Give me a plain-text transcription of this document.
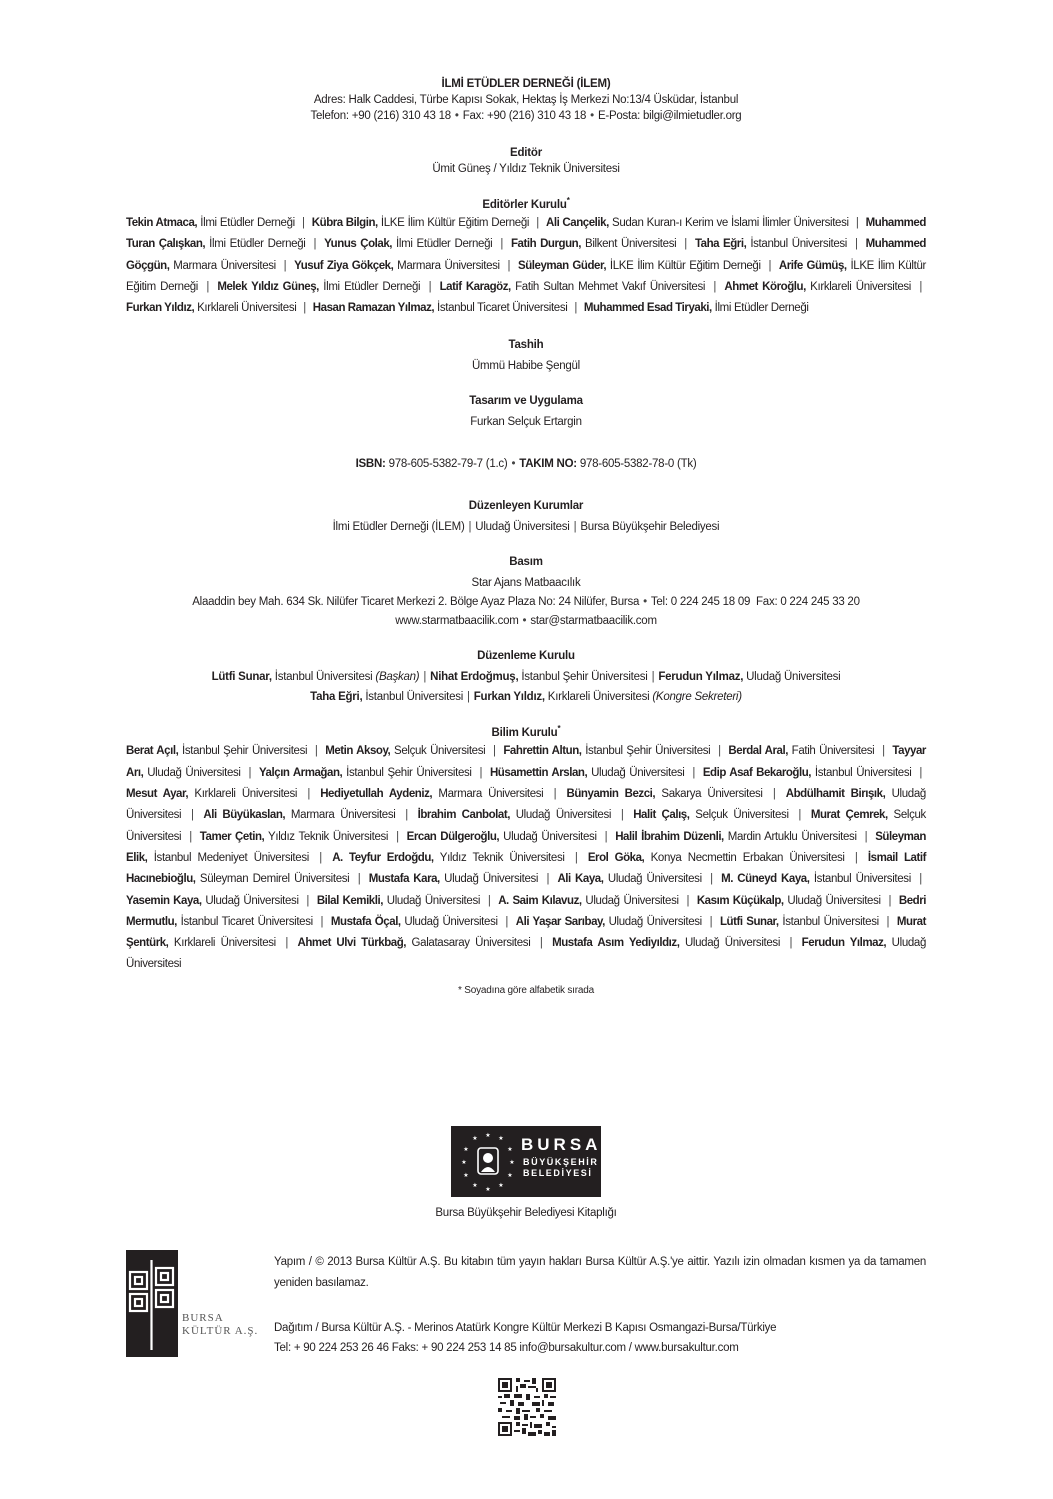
İLMİ ETÜDLER DERNEĞİ (İLEM)
Adres: Halk Caddesi, Türbe Kapısı Sokak, Hektaş İş Merkezi No:13/4 Üsküdar, İstanbul
Telefon: +90 (216) 310 43 18 • Fax: +90 (216) 310 43 18 • E-Posta: bilgi@ilmietudler.org
Editör
Ümit Güneş / Yıldız Teknik Üniversitesi
Editörler Kurulu*
Tekin Atmaca, İlmi Etüdler Derneği | Kübra Bilgin, İLKE İlim Kültür Eğitim Derneği | Ali Cançelik, Sudan Kuran-ı Kerim ve İslami İlimler Üniversitesi | Muhammed Turan Çalışkan, İlmi Etüdler Derneği | Yunus Çolak, İlmi Etüdler Derneği | Fatih Durgun, Bilkent Üniversitesi | Taha Eğri, İstanbul Üniversitesi | Muhammed Göçgün, Marmara Üniversitesi | Yusuf Ziya Gökçek, Marmara Üniversitesi | Süleyman Güder, İLKE İlim Kültür Eğitim Derneği | Arife Gümüş, İLKE İlim Kültür Eğitim Derneği | Melek Yıldız Güneş, İlmi Etüdler Derneği | Latif Karagöz, Fatih Sultan Mehmet Vakıf Üniversitesi | Ahmet Köroğlu, Kırklareli Üniversitesi | Furkan Yıldız, Kırklareli Üniversitesi | Hasan Ramazan Yılmaz, İstanbul Ticaret Üniversitesi | Muhammed Esad Tiryaki, İlmi Etüdler Derneği
Tashih
Ümmü Habibe Şengül
Tasarım ve Uygulama
Furkan Selçuk Ertargin
ISBN: 978-605-5382-79-7 (1.c) • TAKIM NO: 978-605-5382-78-0 (Tk)
Düzenleyen Kurumlar
İlmi Etüdler Derneği (İLEM) | Uludağ Üniversitesi | Bursa Büyükşehir Belediyesi
Basım
Star Ajans Matbaacılık
Alaaddin bey Mah. 634 Sk. Nilüfer Ticaret Merkezi 2. Bölge Ayaz Plaza No: 24 Nilüfer, Bursa • Tel: 0 224 245 18 09 Fax: 0 224 245 33 20
www.starmatbaacilik.com • star@starmatbaacilik.com
Düzenleme Kurulu
Lütfi Sunar, İstanbul Üniversitesi (Başkan) | Nihat Erdoğmuş, İstanbul Şehir Üniversitesi | Ferudun Yılmaz, Uludağ Üniversitesi
Taha Eğri, İstanbul Üniversitesi | Furkan Yıldız, Kırklareli Üniversitesi (Kongre Sekreteri)
Bilim Kurulu*
Berat Açıl, İstanbul Şehir Üniversitesi | Metin Aksoy, Selçuk Üniversitesi | Fahrettin Altun, İstanbul Şehir Üniversitesi | Berdal Aral, Fatih Üniversitesi | Tayyar Arı, Uludağ Üniversitesi | Yalçın Armağan, İstanbul Şehir Üniversitesi | Hüsamettin Arslan, Uludağ Üniversitesi | Edip Asaf Bekaroğlu, İstanbul Üniversitesi | Mesut Ayar, Kırklareli Üniversitesi | Hediyetullah Aydeniz, Marmara Üniversitesi | Bünyamin Bezci, Sakarya Üniversitesi | Abdülhamit Birışık, Uludağ Üniversitesi | Ali Büyükaslan, Marmara Üniversitesi | İbrahim Canbolat, Uludağ Üniversitesi | Halit Çalış, Selçuk Üniversitesi | Murat Çemrek, Selçuk Üniversitesi | Tamer Çetin, Yıldız Teknik Üniversitesi | Ercan Dülgeroğlu, Uludağ Üniversitesi | Halil İbrahim Düzenli, Mardin Artuklu Üniversitesi | Süleyman Elik, İstanbul Medeniyet Üniversitesi | A. Teyfur Erdoğdu, Yıldız Teknik Üniversitesi | Erol Göka, Konya Necmettin Erbakan Üniversitesi | İsmail Latif Hacınebioğlu, Süleyman Demirel Üniversitesi | Mustafa Kara, Uludağ Üniversitesi | Ali Kaya, Uludağ Üniversitesi | M. Cüneyd Kaya, İstanbul Üniversitesi | Yasemin Kaya, Uludağ Üniversitesi | Bilal Kemikli, Uludağ Üniversitesi | A. Saim Kılavuz, Uludağ Üniversitesi | Kasım Küçükalp, Uludağ Üniversitesi | Bedri Mermutlu, İstanbul Ticaret Üniversitesi | Mustafa Öçal, Uludağ Üniversitesi | Ali Yaşar Sarıbay, Uludağ Üniversitesi | Lütfi Sunar, İstanbul Üniversitesi | Murat Şentürk, Kırklareli Üniversitesi | Ahmet Ulvi Türkbağ, Galatasaray Üniversitesi | Mustafa Asım Yediyıldız, Uludağ Üniversitesi | Ferudun Yılmaz, Uludağ Üniversitesi
* Soyadına göre alfabetik sırada
★
★	★
★	★
★	★
★	★
★	★
★
BURSA
BÜYÜKŞEHİR
BELEDİYESİ
Bursa Büyükşehir Belediyesi Kitaplığı
BURSA
KÜLTÜR A.Ş.
Yapım / © 2013 Bursa Kültür A.Ş. Bu kitabın tüm yayın hakları Bursa Kültür A.Ş.'ye aittir. Yazılı izin olmadan kısmen ya da tamamen yeniden basılamaz.
Dağıtım / Bursa Kültür A.Ş. - Merinos Atatürk Kongre Kültür Merkezi B Kapısı Osmangazi-Bursa/Türkiye
Tel: + 90 224 253 26 46 Faks: + 90 224 253 14 85 info@bursakultur.com / www.bursakultur.com
